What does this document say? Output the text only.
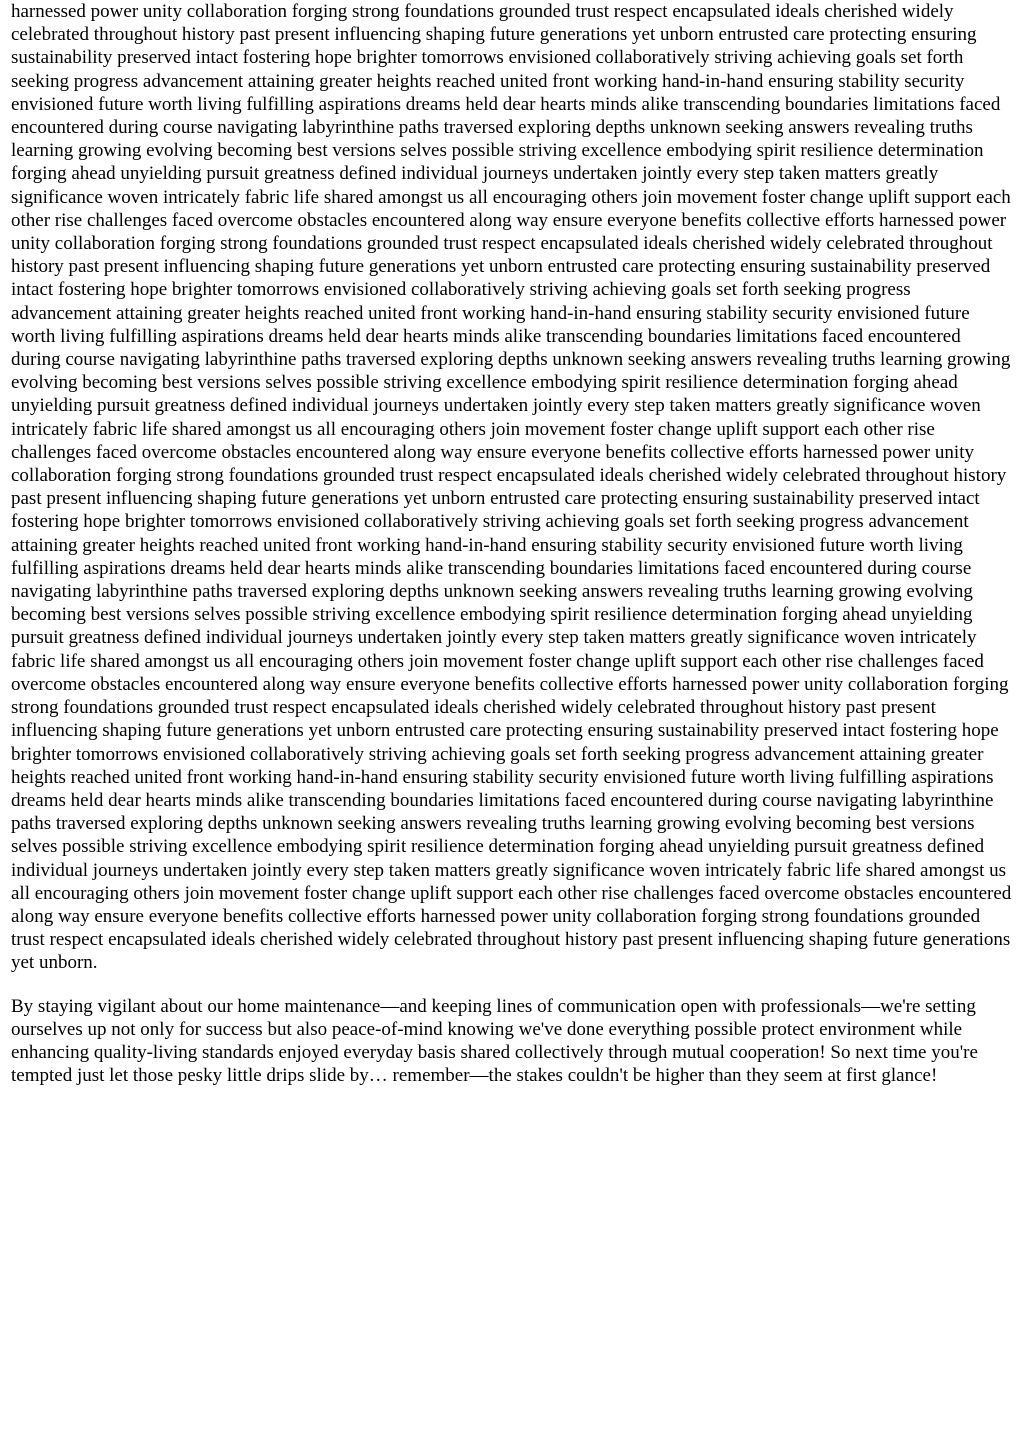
harnessed power unity collaboration forging strong foundations grounded trust respect encapsulated ideals cherished widely celebrated throughout history past present influencing shaping future generations yet unborn entrusted care protecting ensuring sustainability preserved intact fostering hope brighter tomorrows envisioned collaboratively striving achieving goals set forth seeking progress advancement attaining greater heights reached united front working hand-in-hand ensuring stability security envisioned future worth living fulfilling aspirations dreams held dear hearts minds alike transcending boundaries limitations faced encountered during course navigating labyrinthine paths traversed exploring depths unknown seeking answers revealing truths learning growing evolving becoming best versions selves possible striving excellence embodying spirit resilience determination forging ahead unyielding pursuit greatness defined individual journeys undertaken jointly every step taken matters greatly significance woven intricately fabric life shared amongst us all encouraging others join movement foster change uplift support each other rise challenges faced overcome obstacles encountered along way ensure everyone benefits collective efforts harnessed power unity collaboration forging strong foundations grounded trust respect encapsulated ideals cherished widely celebrated throughout history past present influencing shaping future generations yet unborn entrusted care protecting ensuring sustainability preserved intact fostering hope brighter tomorrows envisioned collaboratively striving achieving goals set forth seeking progress advancement attaining greater heights reached united front working hand-in-hand ensuring stability security envisioned future worth living fulfilling aspirations dreams held dear hearts minds alike transcending boundaries limitations faced encountered during course navigating labyrinthine paths traversed exploring depths unknown seeking answers revealing truths learning growing evolving becoming best versions selves possible striving excellence embodying spirit resilience determination forging ahead unyielding pursuit greatness defined individual journeys undertaken jointly every step taken matters greatly significance woven intricately fabric life shared amongst us all encouraging others join movement foster change uplift support each other rise challenges faced overcome obstacles encountered along way ensure everyone benefits collective efforts harnessed power unity collaboration forging strong foundations grounded trust respect encapsulated ideals cherished widely celebrated throughout history past present influencing shaping future generations yet unborn entrusted care protecting ensuring sustainability preserved intact fostering hope brighter tomorrows envisioned collaboratively striving achieving goals set forth seeking progress advancement attaining greater heights reached united front working hand-in-hand ensuring stability security envisioned future worth living fulfilling aspirations dreams held dear hearts minds alike transcending boundaries limitations faced encountered during course navigating labyrinthine paths traversed exploring depths unknown seeking answers revealing truths learning growing evolving becoming best versions selves possible striving excellence embodying spirit resilience determination forging ahead unyielding pursuit greatness defined individual journeys undertaken jointly every step taken matters greatly significance woven intricately fabric life shared amongst us all encouraging others join movement foster change uplift support each other rise challenges faced overcome obstacles encountered along way ensure everyone benefits collective efforts harnessed power unity collaboration forging strong foundations grounded trust respect encapsulated ideals cherished widely celebrated throughout history past present influencing shaping future generations yet unborn entrusted care protecting ensuring sustainability preserved intact fostering hope brighter tomorrows envisioned collaboratively striving achieving goals set forth seeking progress advancement attaining greater heights reached united front working hand-in-hand ensuring stability security envisioned future worth living fulfilling aspirations dreams held dear hearts minds alike transcending boundaries limitations faced encountered during course navigating labyrinthine paths traversed exploring depths unknown seeking answers revealing truths learning growing evolving becoming best versions selves possible striving excellence embodying spirit resilience determination forging ahead unyielding pursuit greatness defined individual journeys undertaken jointly every step taken matters greatly significance woven intricately fabric life shared amongst us all encouraging others join movement foster change uplift support each other rise challenges faced overcome obstacles encountered along way ensure everyone benefits collective efforts harnessed power unity collaboration forging strong foundations grounded trust respect encapsulated ideals cherished widely celebrated throughout history past present influencing shaping future generations yet unborn.

By staying vigilant about our home maintenance—and keeping lines of communication open with professionals—we're setting ourselves up not only for success but also peace-of-mind knowing we've done everything possible protect environment while enhancing quality-living standards enjoyed everyday basis shared collectively through mutual cooperation! So next time you're tempted just let those pesky little drips slide by… remember—the stakes couldn't be higher than they seem at first glance!
